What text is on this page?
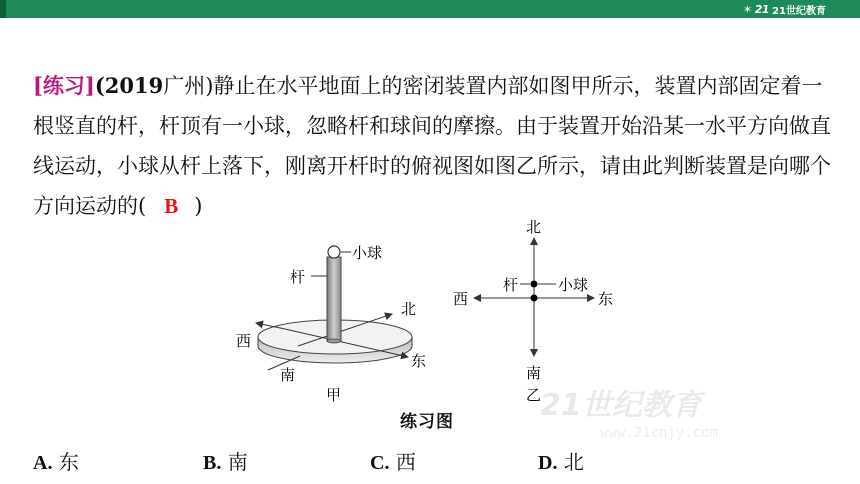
✶ 21 21世纪教育
[练习](2019广州)静止在水平地面上的密闭装置内部如图甲所示，装置内部固定着一根竖直的杆，杆顶有一小球，忽略杆和球间的摩擦。由于装置开始沿某一水平方向做直线运动，小球从杆上落下，刚离开杆时的俯视图如图乙所示，请由此判断装置是向哪个方向运动的( B )
21世纪教育
www.21cnjy.com
小球
杆
北
西
东
南
甲
北
杆	小球
西	东
南
乙
练习图
A. 东	B. 南	C. 西	D. 北
